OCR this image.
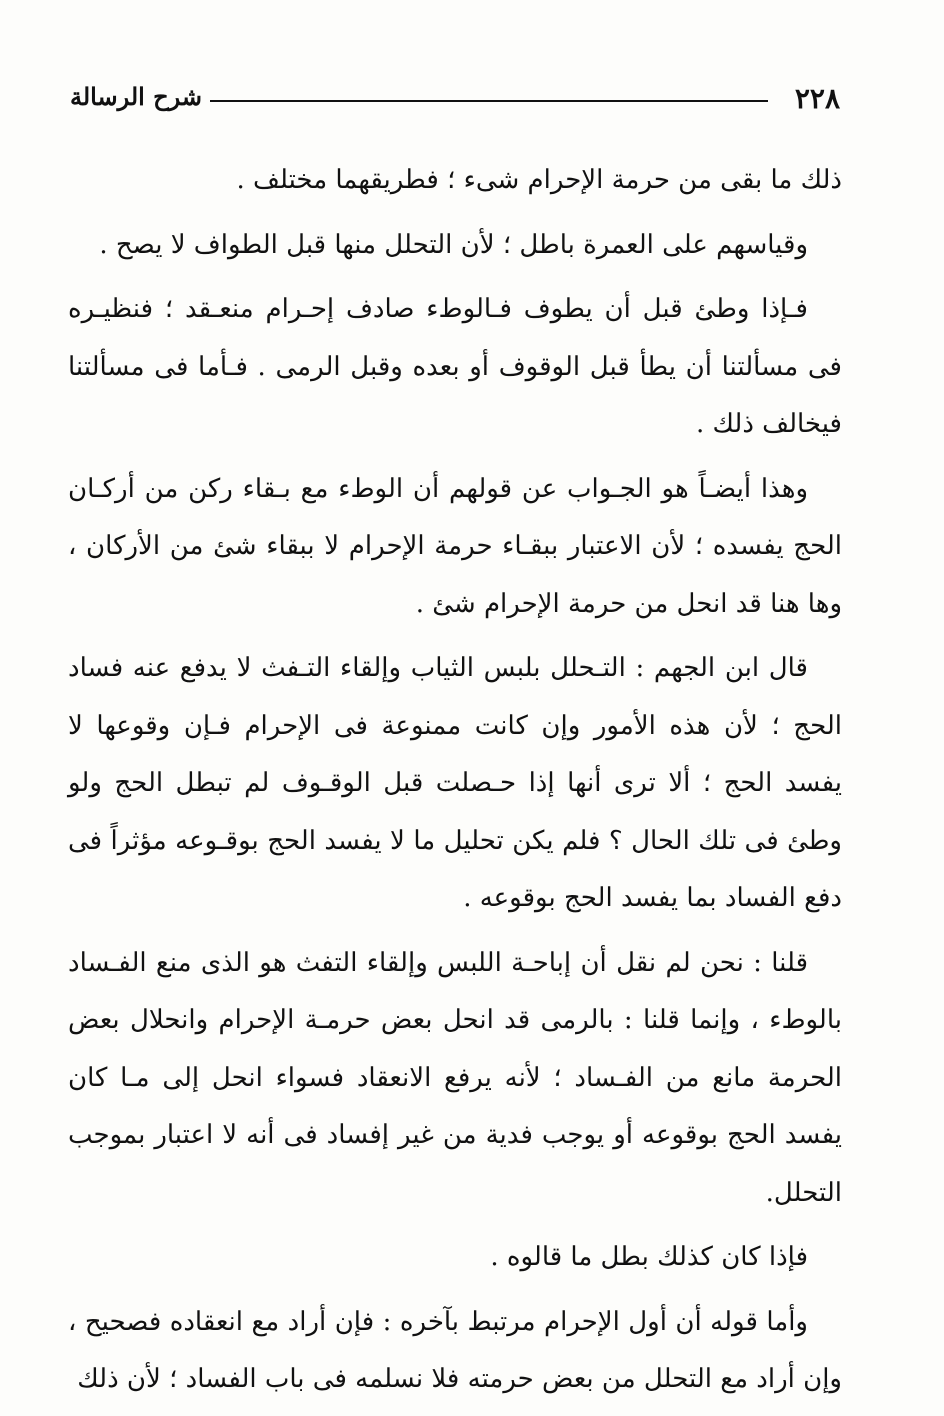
٢٢٨
شرح الرسالة

ذلك ما بقى من حرمة الإحرام شىء ؛ فطريقهما مختلف .

وقياسهم على العمرة باطل ؛ لأن التحلل منها قبل الطواف لا يصح .

فـإذا وطئ قبل أن يطوف فـالوطء صادف إحـرام منعـقد ؛ فنظيـره فى مسألتنا أن يطأ قبل الوقوف أو بعده وقبل الرمى . فـأما فى مسألتنا فيخالف ذلك .

وهذا أيضـاً هو الجـواب عن قولهم أن الوطء مع بـقاء ركن من أركـان الحج يفسده ؛ لأن الاعتبار ببقـاء حرمة الإحرام لا ببقاء شئ من الأركان ، وها هنا قد انحل من حرمة الإحرام شئ .

قال ابن الجهم : التـحلل بلبس الثياب وإلقاء التـفث لا يدفع عنه فساد الحج ؛ لأن هذه الأمور وإن كانت ممنوعة فى الإحرام فـإن وقوعها لا يفسد الحج ؛ ألا ترى أنها إذا حـصلت قبل الوقـوف لم تبطل الحج ولو وطئ فى تلك الحال ؟ فلم يكن تحليل ما لا يفسد الحج بوقـوعه مؤثراً فى دفع الفساد بما يفسد الحج بوقوعه .

قلنا : نحن لم نقل أن إباحـة اللبس وإلقاء التفث هو الذى منع الفـساد بالوطء ، وإنما قلنا : بالرمى قد انحل بعض حرمـة الإحرام وانحلال بعض الحرمة مانع من الفـساد ؛ لأنه يرفع الانعقاد فسواء انحل إلى مـا كان يفسد الحج بوقوعه أو يوجب فدية من غير إفساد فى أنه لا اعتبار بموجب التحلل.

فإذا كان كذلك بطل ما قالوه .

وأما قوله أن أول الإحرام مرتبط بآخره : فإن أراد مع انعقاده فصحيح ، وإن أراد مع التحلل من بعض حرمته فلا نسلمه فى باب الفساد ؛ لأن ذلك
